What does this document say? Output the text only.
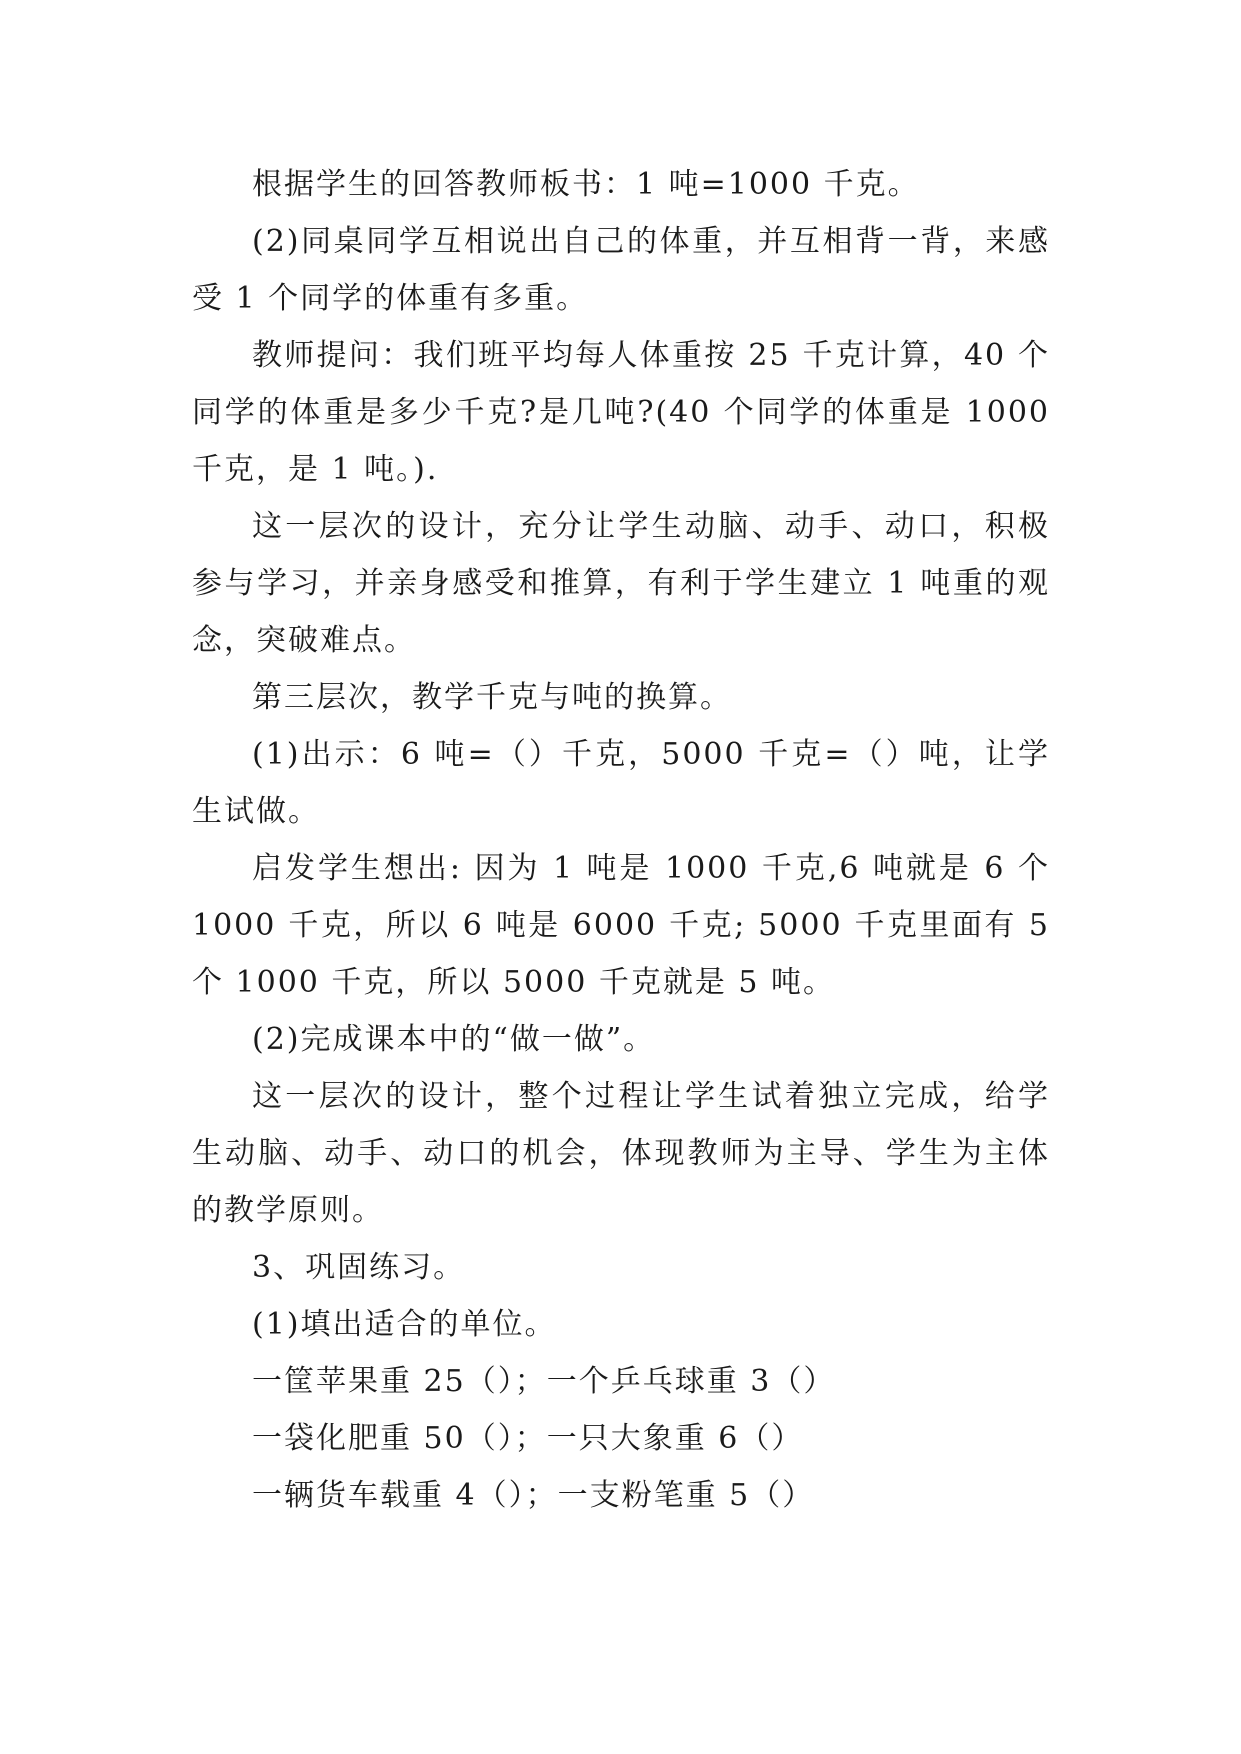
根据学生的回答教师板书：1 吨=1000 千克。

(2)同桌同学互相说出自己的体重，并互相背一背，来感受 1 个同学的体重有多重。

教师提问：我们班平均每人体重按 25 千克计算，40 个同学的体重是多少千克?是几吨?(40 个同学的体重是 1000 千克，是 1 吨。).

这一层次的设计，充分让学生动脑、动手、动口，积极参与学习，并亲身感受和推算，有利于学生建立 1 吨重的观念，突破难点。

第三层次，教学千克与吨的换算。

(1)出示：6 吨=（）千克，5000 千克=（）吨，让学生试做。

启发学生想出: 因为 1 吨是 1000 千克,6 吨就是 6 个 1000 千克，所以 6 吨是 6000 千克; 5000 千克里面有 5 个 1000 千克，所以 5000 千克就是 5 吨。

(2)完成课本中的“做一做”。

这一层次的设计，整个过程让学生试着独立完成，给学生动脑、动手、动口的机会，体现教师为主导、学生为主体的教学原则。

3、巩固练习。

(1)填出适合的单位。

一筐苹果重 25（）；一个乒乓球重 3（）

一袋化肥重 50（）；一只大象重 6（）

一辆货车载重 4（）；一支粉笔重 5（）
